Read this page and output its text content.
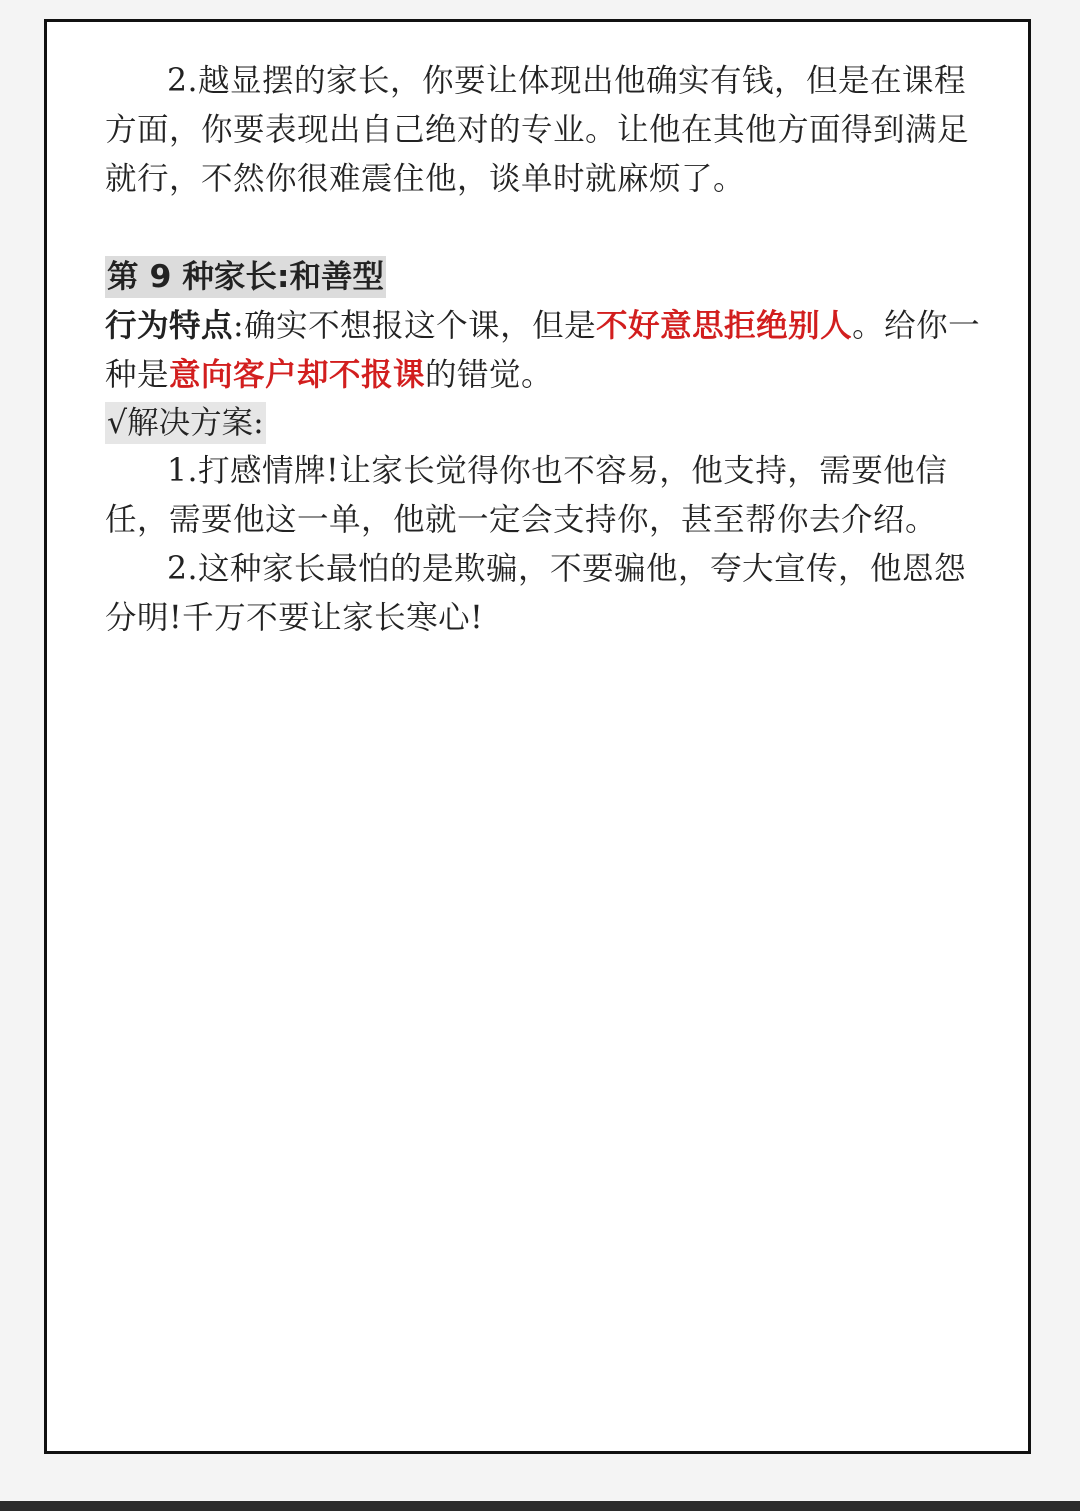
2.越显摆的家长，你要让体现出他确实有钱，但是在课程方面，你要表现出自己绝对的专业。让他在其他方面得到满足就行，不然你很难震住他，谈单时就麻烦了。

第 9 种家长:和善型

行为特点:确实不想报这个课，但是不好意思拒绝别人。给你一种是意向客户却不报课的错觉。

√解决方案:

1.打感情牌!让家长觉得你也不容易，他支持，需要他信任，需要他这一单，他就一定会支持你，甚至帮你去介绍。

2.这种家长最怕的是欺骗，不要骗他，夸大宣传，他恩怨分明!千万不要让家长寒心!
